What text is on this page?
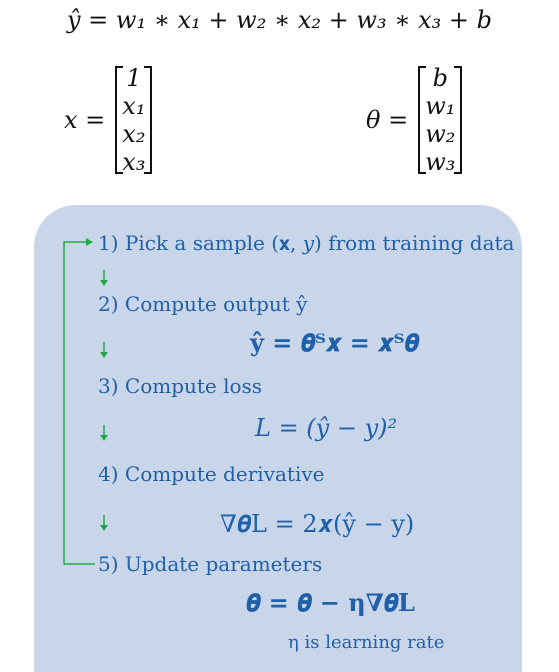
ŷ = w₁ ∗ x₁ + w₂ ∗ x₂ + w₃ ∗ x₃ + b
x =
1
x₁
x₂
x₃
θ =
b
w₁
w₂
w₃
1) Pick a sample (𝐱, 𝑦) from training data
2) Compute output ŷ
ŷ = 𝜽ᵀ𝒙 = 𝒙ᵀ𝜽
3) Compute loss
L = (ŷ − y)²
4) Compute derivative
∇𝜽L = 2𝒙(ŷ − y)
5) Update parameters
𝜽 = 𝜽 − η∇𝜽L
η is learning rate
